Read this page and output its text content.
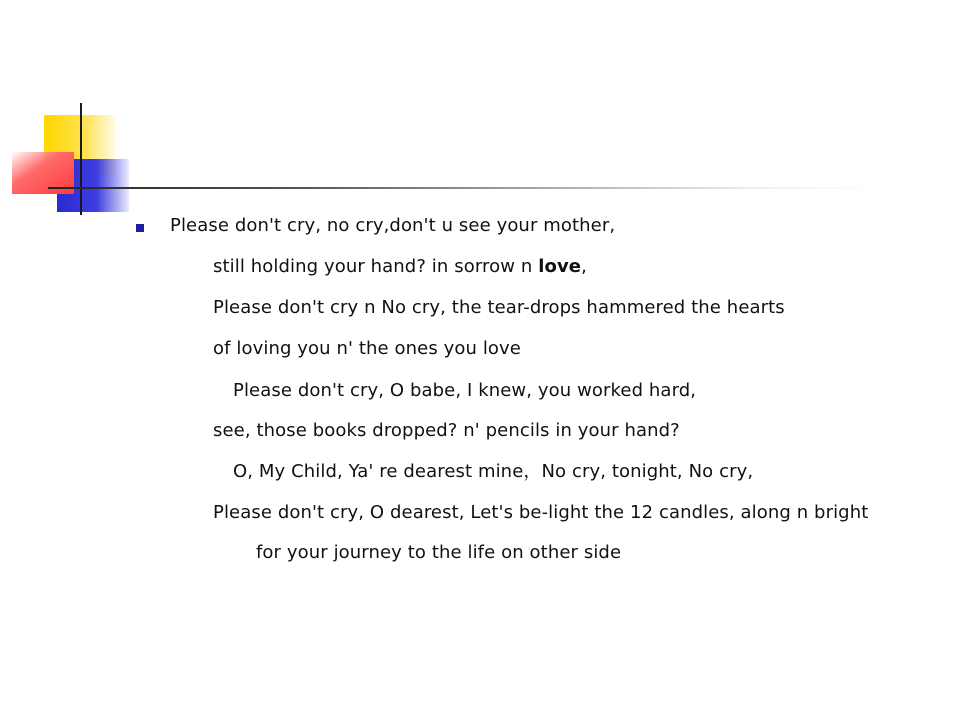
Please don't cry, no cry,don't u see your mother,
still holding your hand? in sorrow n love,
Please don't cry n No cry, the tear-drops hammered the hearts
of loving you n' the ones you love
Please don't cry, O babe, I knew, you worked hard,
see, those books dropped? n' pencils in your hand?
O, My Child, Ya' re dearest mine，No cry, tonight, No cry,
Please don't cry, O dearest, Let's be-light the 12 candles, along n bright
for your journey to the life on other side
